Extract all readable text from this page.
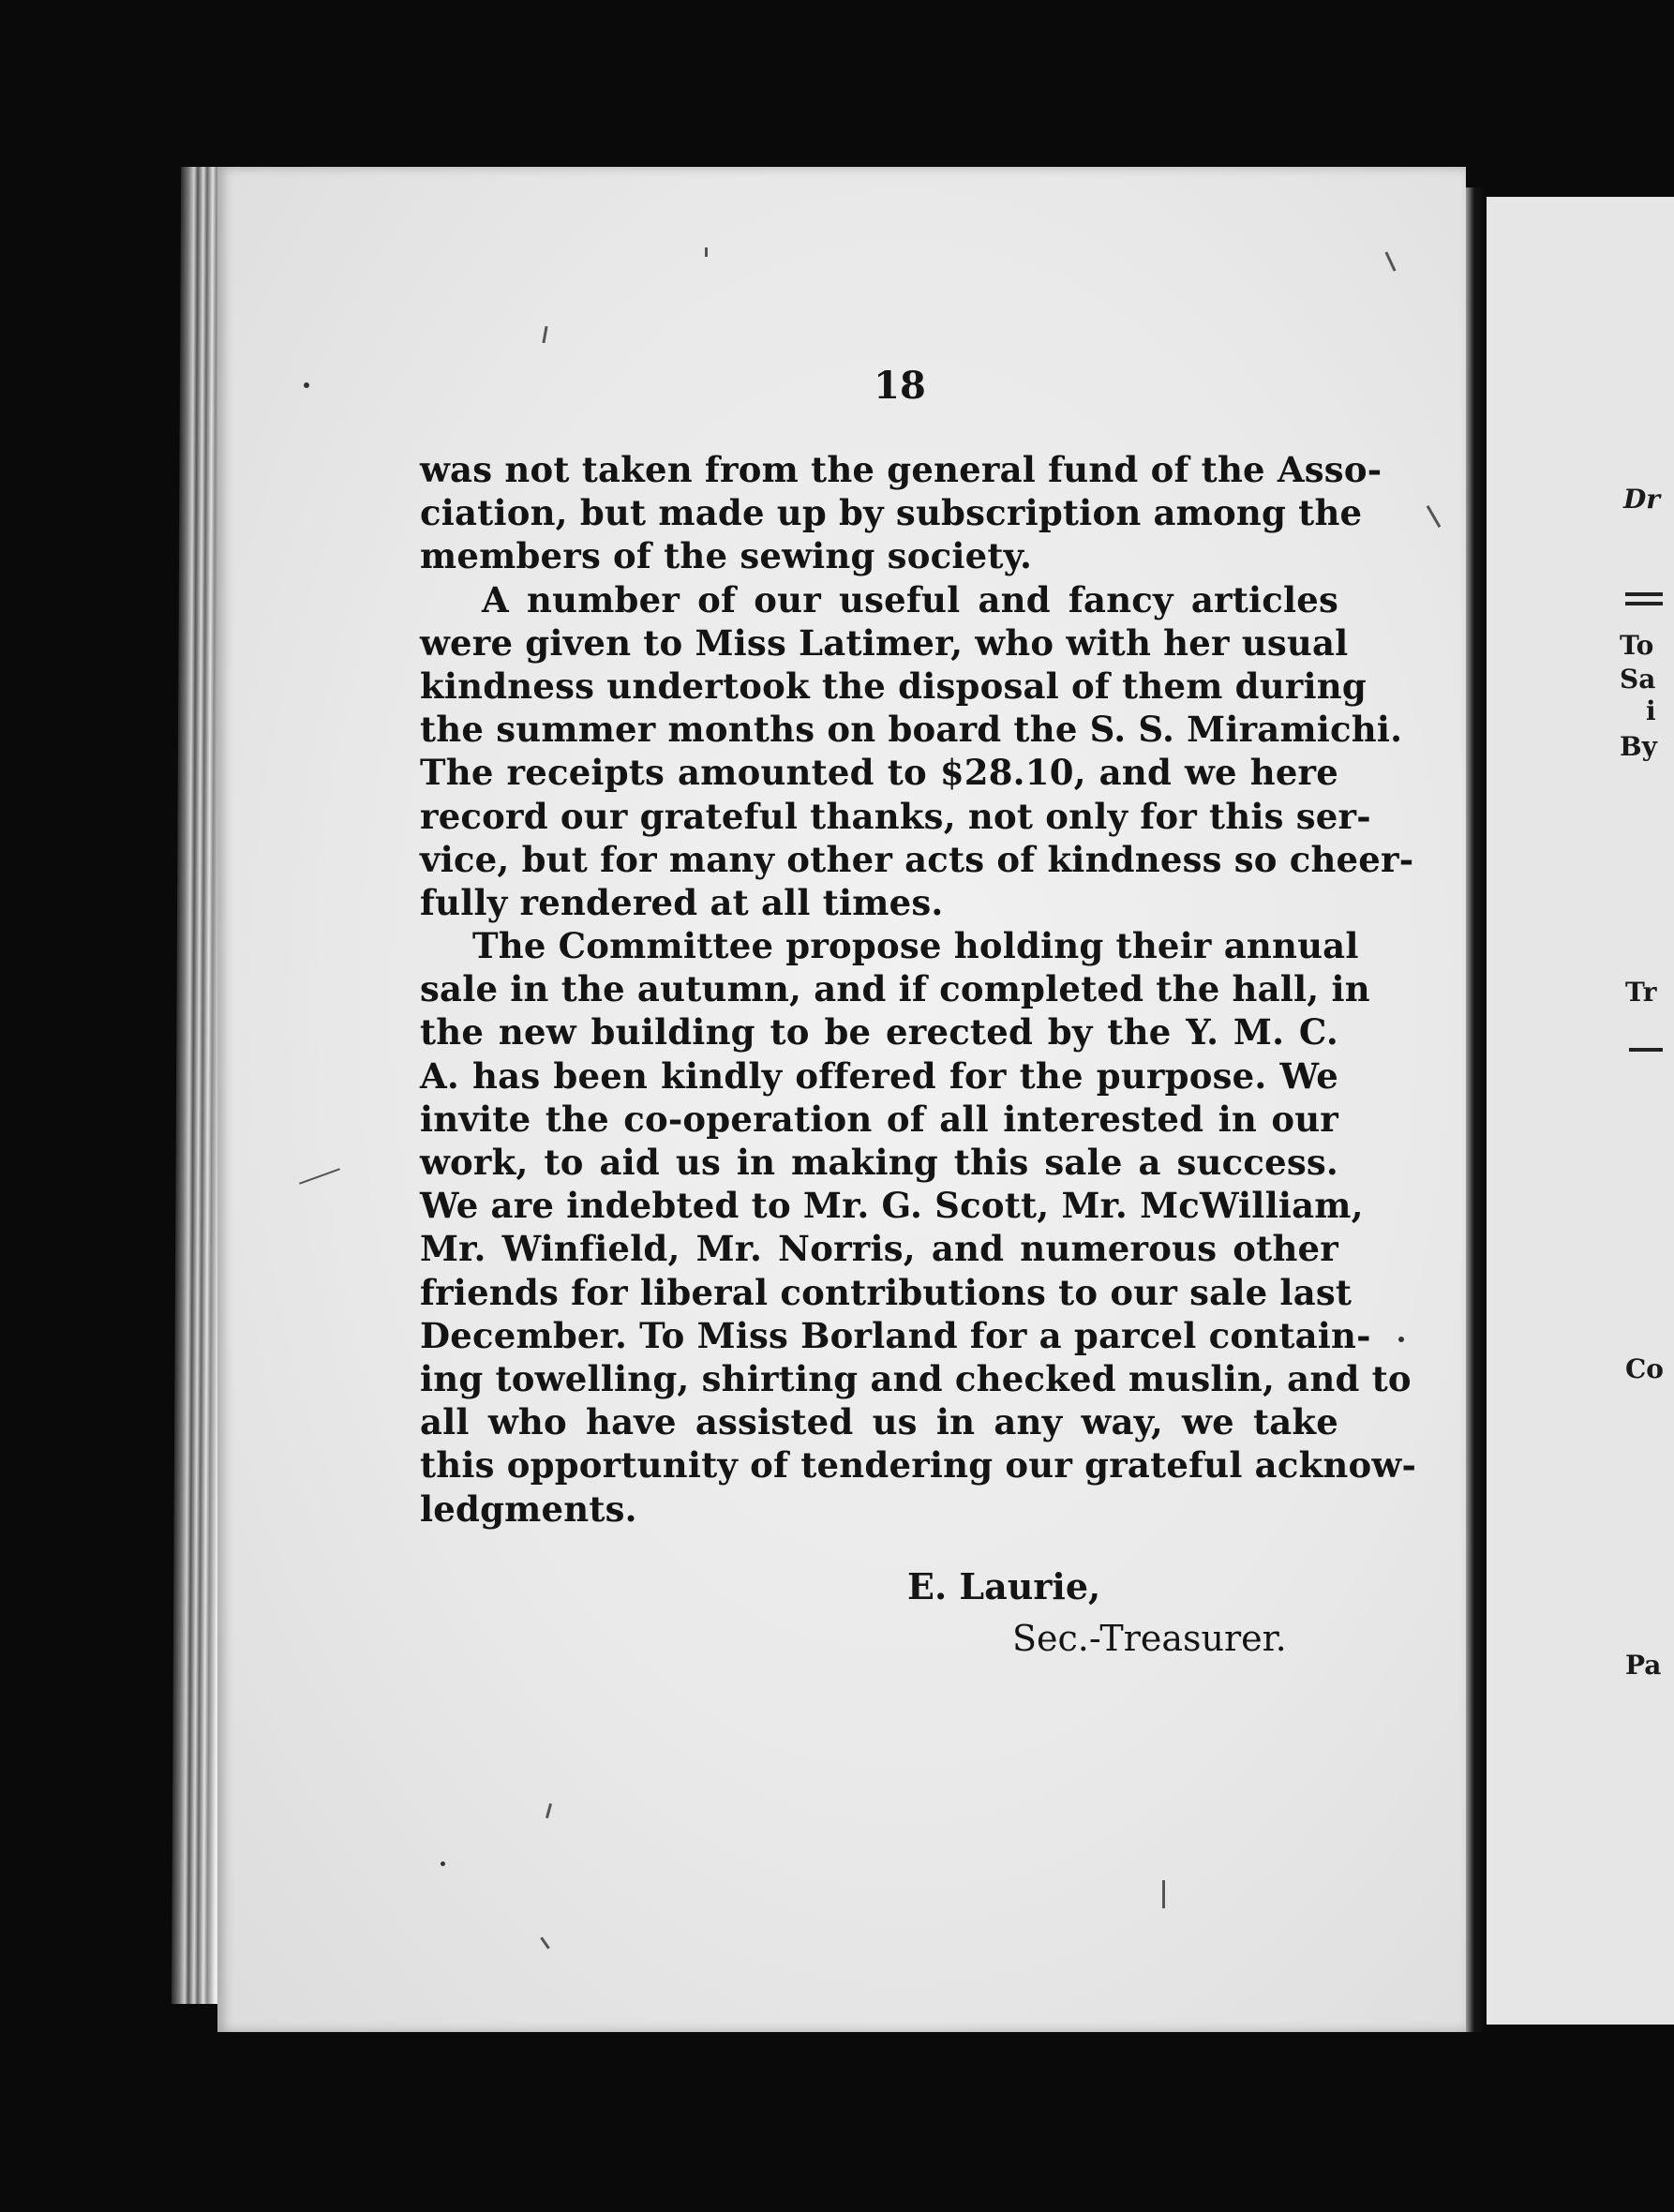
Dr
To
Sa
i
By
Tr
Co
Pa
18
was not taken from the general fund of the Asso-
ciation, but made up by subscription among the
members of the sewing society.
A number of our useful and fancy articles
were given to Miss Latimer, who with her usual
kindness undertook the disposal of them during
the summer months on board the S. S. Miramichi.
The receipts amounted to $28.10, and we here
record our grateful thanks, not only for this ser-
vice, but for many other acts of kindness so cheer-
fully rendered at all times.
The Committee propose holding their annual
sale in the autumn, and if completed the hall, in
the new building to be erected by the Y. M. C.
A. has been kindly offered for the purpose. We
invite the co-operation of all interested in our
work, to aid us in making this sale a success.
We are indebted to Mr. G. Scott, Mr. McWilliam,
Mr. Winfield, Mr. Norris, and numerous other
friends for liberal contributions to our sale last
December. To Miss Borland for a parcel contain-
ing towelling, shirting and checked muslin, and to
all who have assisted us in any way, we take
this opportunity of tendering our grateful acknow-
ledgments.
E. Laurie,
Sec.-Treasurer.
